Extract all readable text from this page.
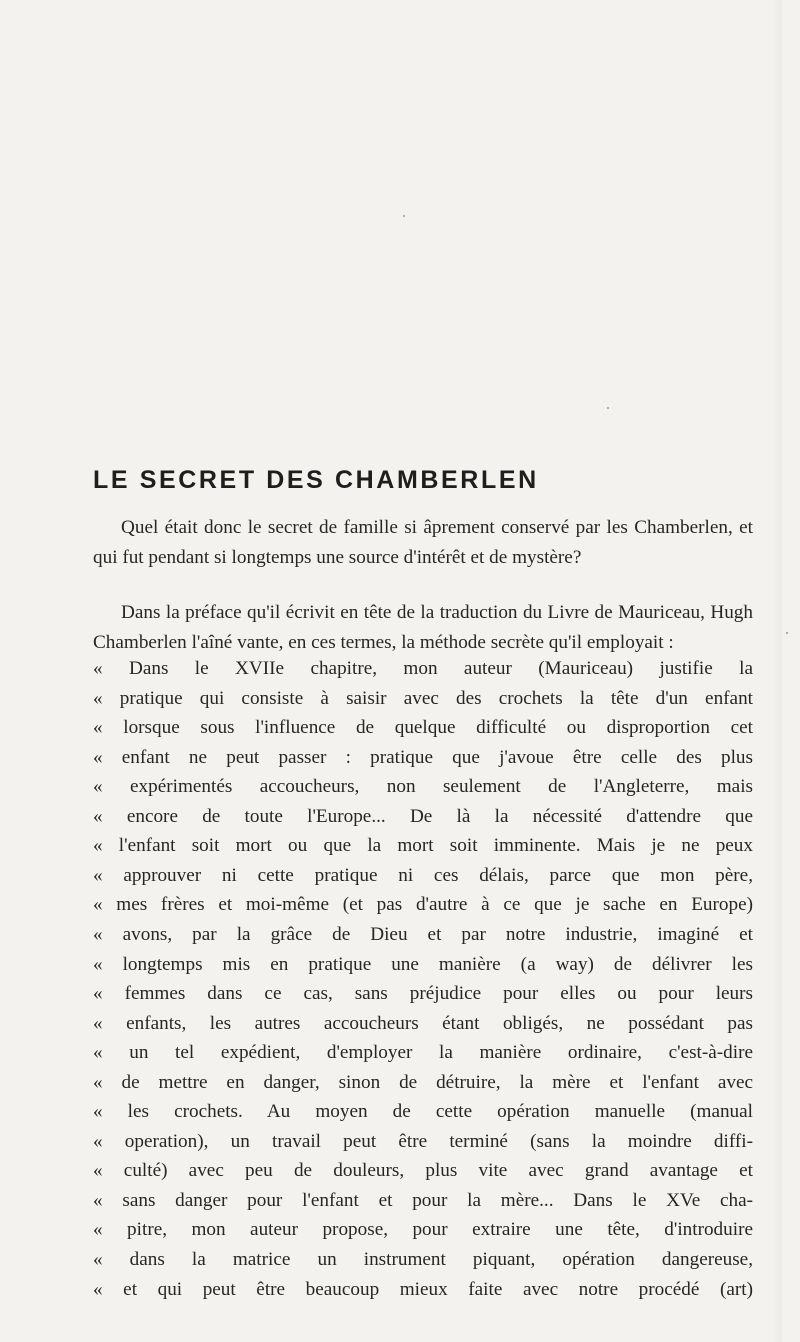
LE SECRET DES CHAMBERLEN

Quel était donc le secret de famille si âprement conservé par les Chamberlen, et qui fut pendant si longtemps une source d'intérêt et de mystère?

Dans la préface qu'il écrivit en tête de la traduction du Livre de Mauriceau, Hugh Chamberlen l'aîné vante, en ces termes, la méthode secrète qu'il employait :

« Dans le XVIIe chapitre, mon auteur (Mauriceau) justifie la
« pratique qui consiste à saisir avec des crochets la tête d'un enfant
« lorsque sous l'influence de quelque difficulté ou disproportion cet
« enfant ne peut passer : pratique que j'avoue être celle des plus
« expérimentés accoucheurs, non seulement de l'Angleterre, mais
« encore de toute l'Europe... De là la nécessité d'attendre que
« l'enfant soit mort ou que la mort soit imminente. Mais je ne peux
« approuver ni cette pratique ni ces délais, parce que mon père,
« mes frères et moi-même (et pas d'autre à ce que je sache en Europe)
« avons, par la grâce de Dieu et par notre industrie, imaginé et
« longtemps mis en pratique une manière (a way) de délivrer les
« femmes dans ce cas, sans préjudice pour elles ou pour leurs
« enfants, les autres accoucheurs étant obligés, ne possédant pas
« un tel expédient, d'employer la manière ordinaire, c'est-à-dire
« de mettre en danger, sinon de détruire, la mère et l'enfant avec
« les crochets. Au moyen de cette opération manuelle (manual
« operation), un travail peut être terminé (sans la moindre diffi-
« culté) avec peu de douleurs, plus vite avec grand avantage et
« sans danger pour l'enfant et pour la mère... Dans le XVe cha-
« pitre, mon auteur propose, pour extraire une tête, d'introduire
« dans la matrice un instrument piquant, opération dangereuse,
« et qui peut être beaucoup mieux faite avec notre procédé (art)
